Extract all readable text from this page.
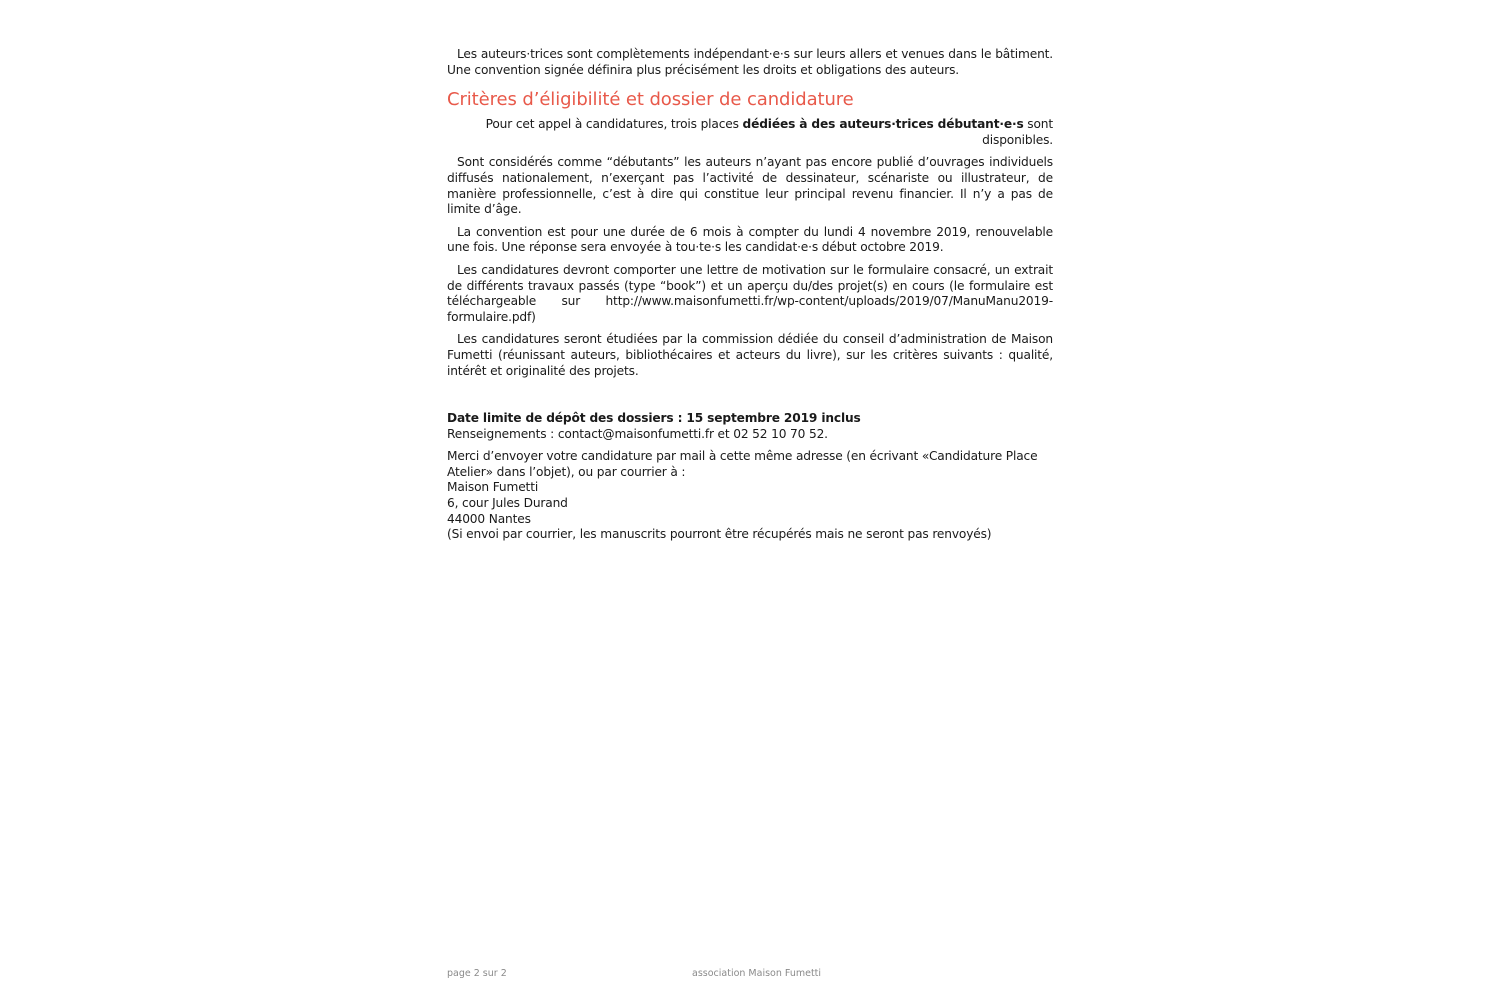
Les auteurs·trices sont complètements indépendant·e·s sur leurs allers et venues dans le bâtiment. Une convention signée définira plus précisément les droits et obligations des auteurs.

Critères d’éligibilité et dossier de candidature

Pour cet appel à candidatures, trois places dédiées à des auteurs·trices débutant·e·s sont disponibles.

Sont considérés comme “débutants” les auteurs n’ayant pas encore publié d’ouvrages individuels diffusés nationalement, n’exerçant pas l’activité de dessinateur, scénariste ou illustrateur, de manière professionnelle, c’est à dire qui constitue leur principal revenu financier. Il n’y a pas de limite d’âge.

La convention est pour une durée de 6 mois à compter du lundi 4 novembre 2019, renouvelable une fois. Une réponse sera envoyée à tou·te·s les candidat·e·s début octobre 2019.

Les candidatures devront comporter une lettre de motivation sur le formulaire consacré, un extrait de différents travaux passés (type “book”) et un aperçu du/des projet(s) en cours (le formulaire est téléchargeable sur http://www.maisonfumetti.fr/wp-content/uploads/2019/07/ManuManu2019-formulaire.pdf)

Les candidatures seront étudiées par la commission dédiée du conseil d’administration de Maison Fumetti (réunissant auteurs, bibliothécaires et acteurs du livre), sur les critères suivants : qualité, intérêt et originalité des projets.

Date limite de dépôt des dossiers : 15 septembre 2019 inclus

Renseignements : contact@maisonfumetti.fr et 02 52 10 70 52.

Merci d’envoyer votre candidature par mail à cette même adresse (en écrivant «Candidature Place Atelier» dans l’objet), ou par courrier à :

Maison Fumetti

6, cour Jules Durand

44000 Nantes

(Si envoi par courrier, les manuscrits pourront être récupérés mais ne seront pas renvoyés)

page 2 sur 2	association Maison Fumetti
